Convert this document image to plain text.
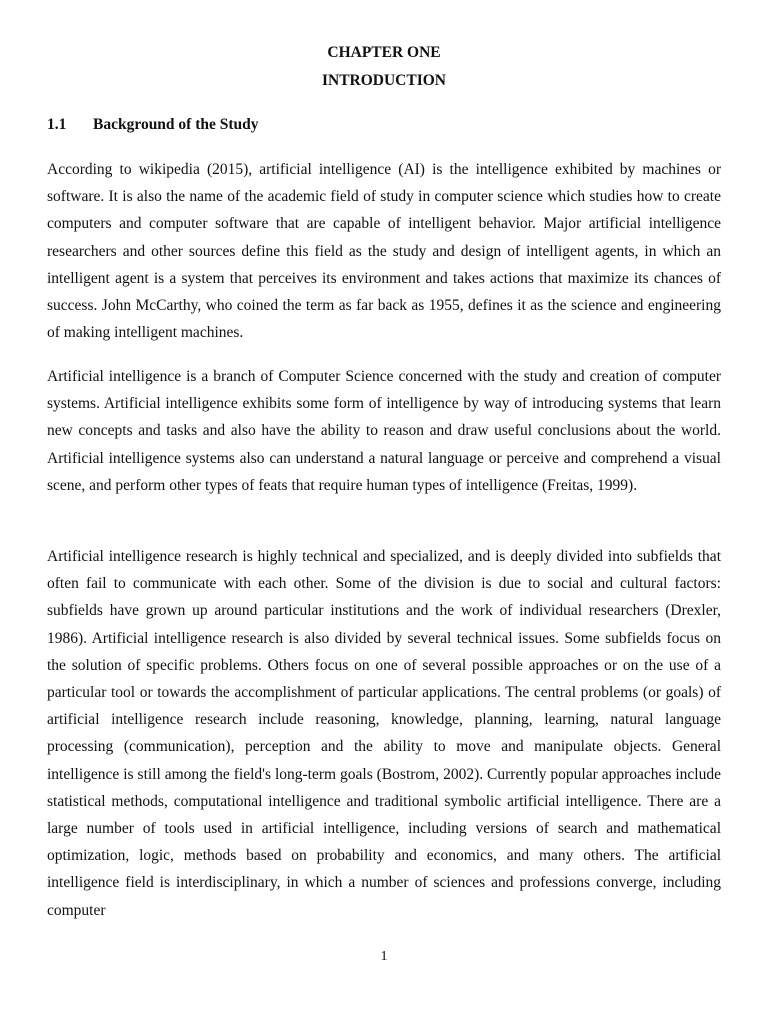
CHAPTER ONE
INTRODUCTION
1.1 Background of the Study

According to wikipedia (2015), artificial intelligence (AI) is the intelligence exhibited by machines or software. It is also the name of the academic field of study in computer science which studies how to create computers and computer software that are capable of intelligent behavior. Major artificial intelligence researchers and other sources define this field as the study and design of intelligent agents, in which an intelligent agent is a system that perceives its environment and takes actions that maximize its chances of success. John McCarthy, who coined the term as far back as 1955, defines it as the science and engineering of making intelligent machines.

Artificial intelligence is a branch of Computer Science concerned with the study and creation of computer systems. Artificial intelligence exhibits some form of intelligence by way of introducing systems that learn new concepts and tasks and also have the ability to reason and draw useful conclusions about the world. Artificial intelligence systems also can understand a natural language or perceive and comprehend a visual scene, and perform other types of feats that require human types of intelligence (Freitas, 1999).

Artificial intelligence research is highly technical and specialized, and is deeply divided into subfields that often fail to communicate with each other. Some of the division is due to social and cultural factors: subfields have grown up around particular institutions and the work of individual researchers (Drexler, 1986). Artificial intelligence research is also divided by several technical issues. Some subfields focus on the solution of specific problems. Others focus on one of several possible approaches or on the use of a particular tool or towards the accomplishment of particular applications. The central problems (or goals) of artificial intelligence research include reasoning, knowledge, planning, learning, natural language processing (communication), perception and the ability to move and manipulate objects. General intelligence is still among the field's long-term goals (Bostrom, 2002). Currently popular approaches include statistical methods, computational intelligence and traditional symbolic artificial intelligence. There are a large number of tools used in artificial intelligence, including versions of search and mathematical optimization, logic, methods based on probability and economics, and many others. The artificial intelligence field is interdisciplinary, in which a number of sciences and professions converge, including computer

1
